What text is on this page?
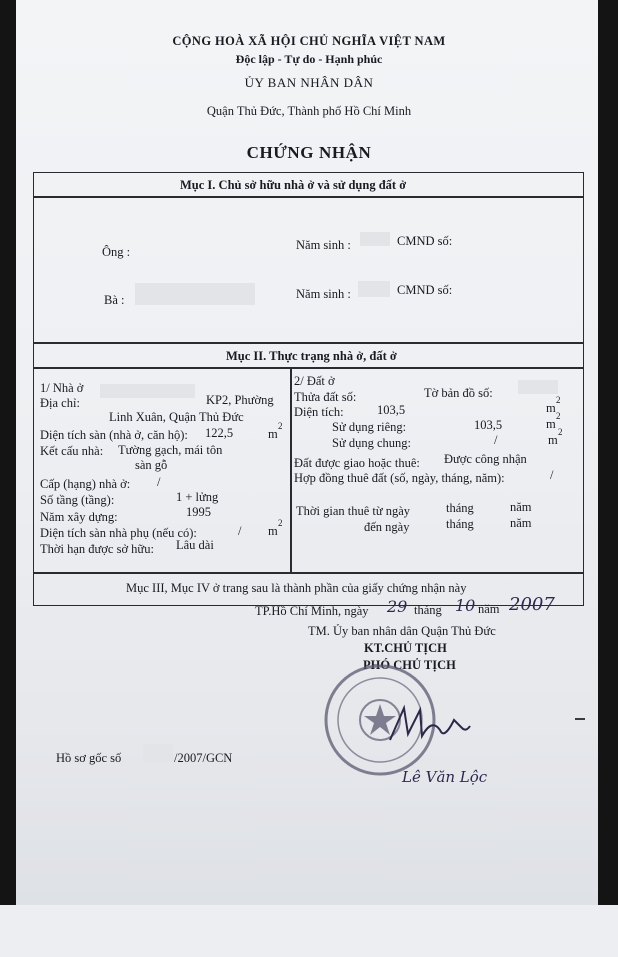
CỘNG HOÀ XÃ HỘI CHỦ NGHĨA VIỆT NAM
Độc lập - Tự do - Hạnh phúc
ỦY BAN NHÂN DÂN
Quận Thủ Đức, Thành phố Hồ Chí Minh
CHỨNG NHẬN
Mục I. Chủ sở hữu nhà ở và sử dụng đất ở
Ông :	Năm sinh :	CMND số:
Bà :	Năm sinh :	CMND số:
Mục II. Thực trạng nhà ở, đất ở
1/ Nhà ở
Địa chỉ:	KP2, Phường
Linh Xuân, Quận Thủ Đức
Diện tích sàn (nhà ở, căn hộ): 122,5	m
2
Kết cấu nhà: Tường gạch, mái tôn
sàn gỗ
Cấp (hạng) nhà ở: /
Số tầng (tầng):	1 + lửng
Năm xây dựng:	1995
Diện tích sàn nhà phụ (nếu có):	/ m
2
Thời hạn được sở hữu: Lâu dài
2/ Đất ở
Thửa đất số:	Tờ bản đồ số:
Diện tích:	103,5	m
2
Sử dụng riêng:	103,5	m
2
Sử dụng chung:	/	m
2
Đất được giao hoặc thuê: Được công nhận
Hợp đồng thuê đất (số, ngày, tháng, năm):	/
Thời gian thuê từ ngày	tháng	năm
đến ngày	tháng	năm
Mục III, Mục IV ở trang sau là thành phần của giấy chứng nhận này
TP.Hồ Chí Minh, ngày 29 tháng 10 năm 2007
TM. Ủy ban nhân dân Quận Thủ Đức
KT.CHỦ TỊCH
PHÓ CHỦ TỊCH
Lê Văn Lộc
Hồ sơ gốc số	/2007/GCN
